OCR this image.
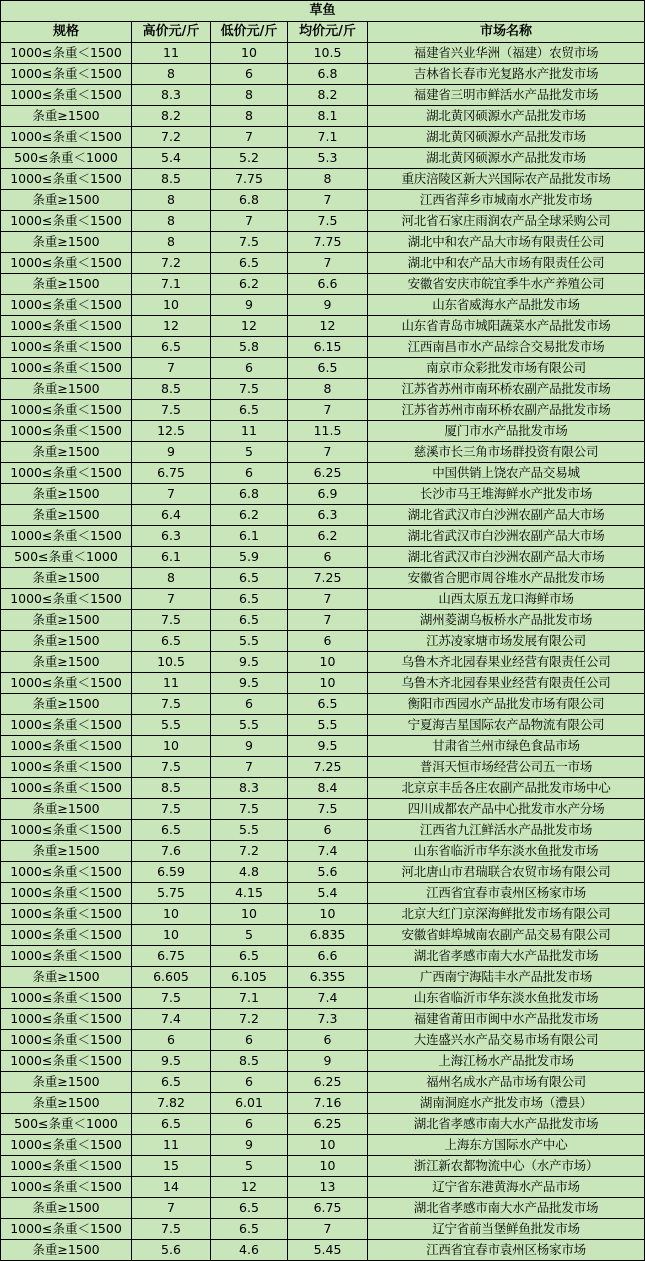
草鱼				
规格	高价元/斤	低价元/斤	均价元/斤	市场名称
1000≤条重＜1500	11	10	10.5	福建省兴业华洲（福建）农贸市场
1000≤条重＜1500	8	6	6.8	吉林省长春市光复路水产批发市场
1000≤条重＜1500	8.3	8	8.2	福建省三明市鲜活水产品批发市场
条重≥1500	8.2	8	8.1	湖北黄冈硕源水产品批发市场
1000≤条重＜1500	7.2	7	7.1	湖北黄冈硕源水产品批发市场
500≤条重＜1000	5.4	5.2	5.3	湖北黄冈硕源水产品批发市场
1000≤条重＜1500	8.5	7.75	8	重庆涪陵区新大兴国际农产品批发市场
条重≥1500	8	6.8	7	江西省萍乡市城南水产批发市场
1000≤条重＜1500	8	7	7.5	河北省石家庄雨润农产品全球采购公司
条重≥1500	8	7.5	7.75	湖北中和农产品大市场有限责任公司
1000≤条重＜1500	7.2	6.5	7	湖北中和农产品大市场有限责任公司
条重≥1500	7.1	6.2	6.6	安徽省安庆市皖宜季牛水产养殖公司
1000≤条重＜1500	10	9	9	山东省威海水产品批发市场
1000≤条重＜1500	12	12	12	山东省青岛市城阳蔬菜水产品批发市场
1000≤条重＜1500	6.5	5.8	6.15	江西南昌市水产品综合交易批发市场
1000≤条重＜1500	7	6	6.5	南京市众彩批发市场有限公司
条重≥1500	8.5	7.5	8	江苏省苏州市南环桥农副产品批发市场
1000≤条重＜1500	7.5	6.5	7	江苏省苏州市南环桥农副产品批发市场
1000≤条重＜1500	12.5	11	11.5	厦门市水产品批发市场
条重≥1500	9	5	7	慈溪市长三角市场群投资有限公司
1000≤条重＜1500	6.75	6	6.25	中国供销上饶农产品交易城
条重≥1500	7	6.8	6.9	长沙市马王堆海鲜水产批发市场
条重≥1500	6.4	6.2	6.3	湖北省武汉市白沙洲农副产品大市场
1000≤条重＜1500	6.3	6.1	6.2	湖北省武汉市白沙洲农副产品大市场
500≤条重＜1000	6.1	5.9	6	湖北省武汉市白沙洲农副产品大市场
条重≥1500	8	6.5	7.25	安徽省合肥市周谷堆水产品批发市场
1000≤条重＜1500	7	6.5	7	山西太原五龙口海鲜市场
条重≥1500	7.5	6.5	7	湖州菱湖乌板桥水产品批发市场
条重≥1500	6.5	5.5	6	江苏凌家塘市场发展有限公司
条重≥1500	10.5	9.5	10	乌鲁木齐北园春果业经营有限责任公司
1000≤条重＜1500	11	9.5	10	乌鲁木齐北园春果业经营有限责任公司
条重≥1500	7.5	6	6.5	衡阳市西园水产品批发市场有限公司
1000≤条重＜1500	5.5	5.5	5.5	宁夏海吉星国际农产品物流有限公司
1000≤条重＜1500	10	9	9.5	甘肃省兰州市绿色食品市场
1000≤条重＜1500	7.5	7	7.25	普洱天恒市场经营公司五一市场
1000≤条重＜1500	8.5	8.3	8.4	北京京丰岳各庄农副产品批发市场中心
条重≥1500	7.5	7.5	7.5	四川成都农产品中心批发市水产分场
1000≤条重＜1500	6.5	5.5	6	江西省九江鲜活水产品批发市场
条重≥1500	7.6	7.2	7.4	山东省临沂市华东淡水鱼批发市场
1000≤条重＜1500	6.59	4.8	5.6	河北唐山市君瑞联合农贸市场有限公司
1000≤条重＜1500	5.75	4.15	5.4	江西省宜春市袁州区杨家市场
1000≤条重＜1500	10	10	10	北京大红门京深海鲜批发市场有限公司
1000≤条重＜1500	10	5	6.835	安徽省蚌埠城南农副产品交易有限公司
1000≤条重＜1500	6.75	6.5	6.6	湖北省孝感市南大水产品批发市场
条重≥1500	6.605	6.105	6.355	广西南宁海陆丰水产品批发市场
1000≤条重＜1500	7.5	7.1	7.4	山东省临沂市华东淡水鱼批发市场
1000≤条重＜1500	7.4	7.2	7.3	福建省莆田市闽中水产品批发市场
1000≤条重＜1500	6	6	6	大连盛兴水产品交易市场有限公司
1000≤条重＜1500	9.5	8.5	9	上海江杨水产品批发市场
条重≥1500	6.5	6	6.25	福州名成水产品市场有限公司
条重≥1500	7.82	6.01	7.16	湖南洞庭水产批发市场（澧县）
500≤条重＜1000	6.5	6	6.25	湖北省孝感市南大水产品批发市场
1000≤条重＜1500	11	9	10	上海东方国际水产中心
1000≤条重＜1500	15	5	10	浙江新农都物流中心（水产市场）
1000≤条重＜1500	14	12	13	辽宁省东港黄海水产品市场
条重≥1500	7	6.5	6.75	湖北省孝感市南大水产品批发市场
1000≤条重＜1500	7.5	6.5	7	辽宁省前当堡鲜鱼批发市场
条重≥1500	5.6	4.6	5.45	江西省宜春市袁州区杨家市场
